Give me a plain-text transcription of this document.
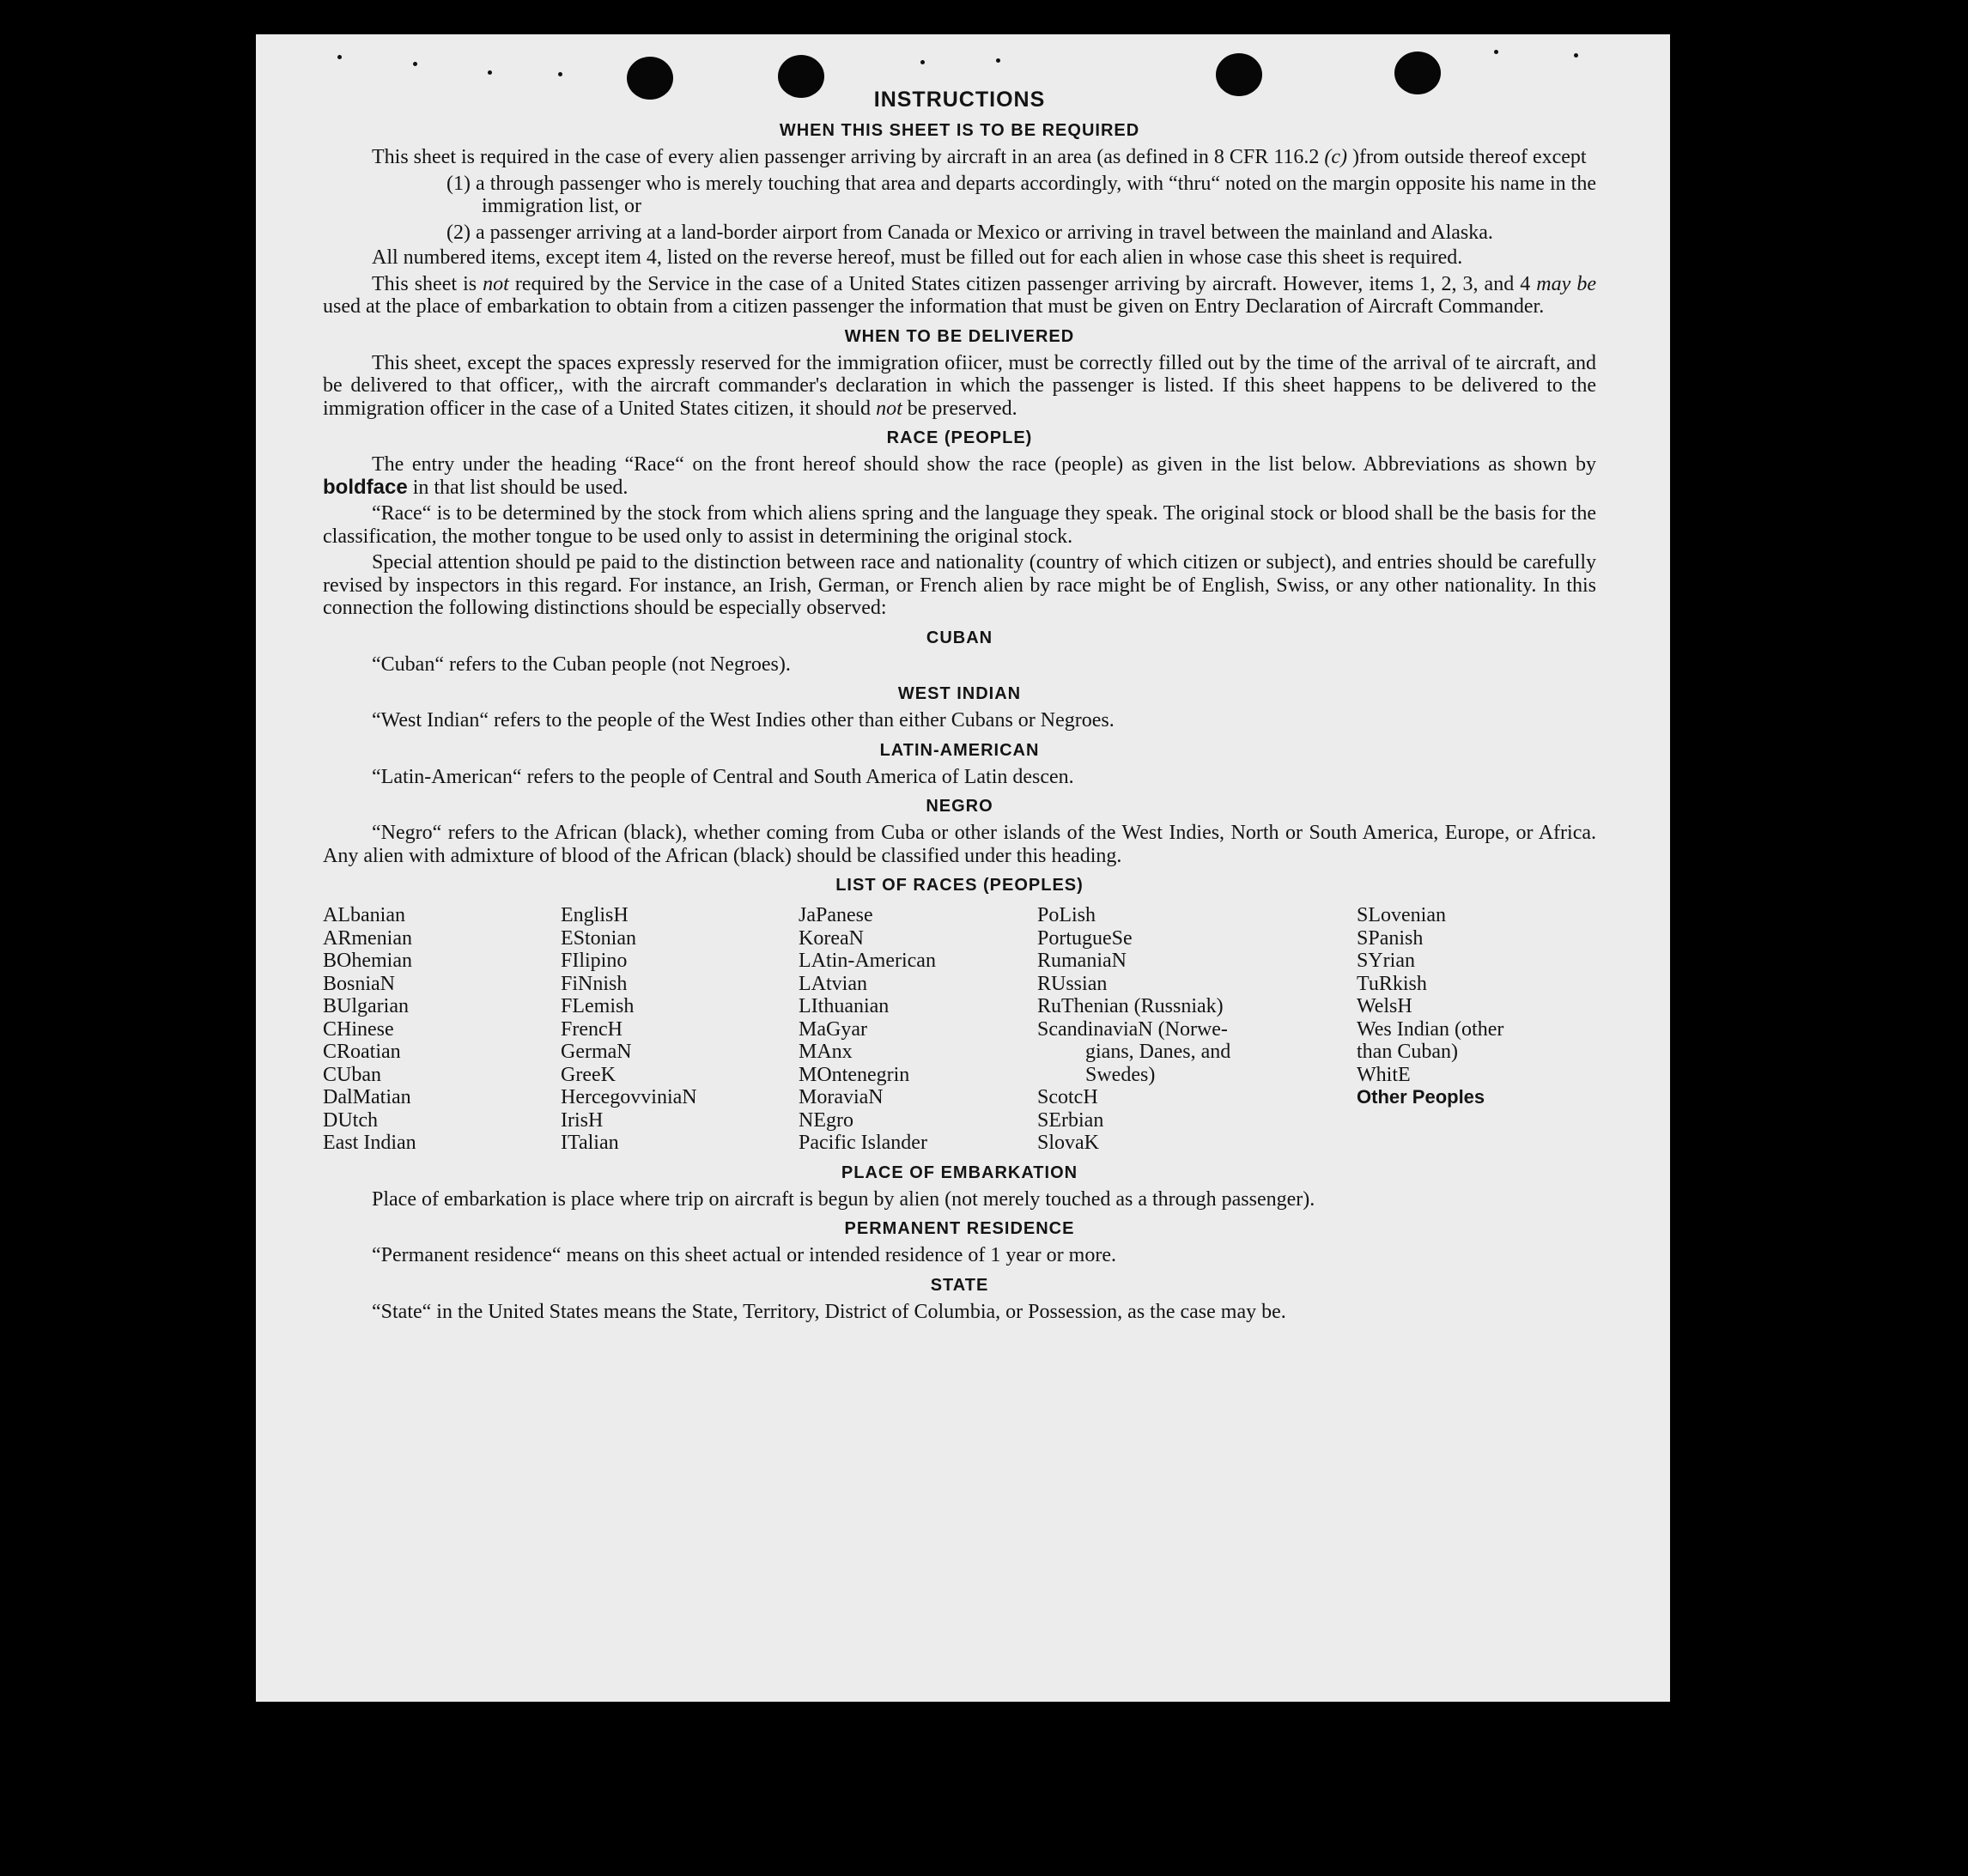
INSTRUCTIONS
WHEN THIS SHEET IS TO BE REQUIRED

This sheet is required in the case of every alien passenger arriving by aircraft in an area (as defined in 8 CFR 116.2 (c) )from outside thereof except

(1) a through passenger who is merely touching that area and departs accordingly, with “thru“ noted on the margin opposite his name in the immigration list, or

(2) a passenger arriving at a land-border airport from Canada or Mexico or arriving in travel between the mainland and Alaska.

All numbered items, except item 4, listed on the reverse hereof, must be filled out for each alien in whose case this sheet is required.

This sheet is not required by the Service in the case of a United States citizen passenger arriving by aircraft. However, items 1, 2, 3, and 4 may be used at the place of embarkation to obtain from a citizen passenger the information that must be given on Entry Declaration of Aircraft Commander.

WHEN TO BE DELIVERED

This sheet, except the spaces expressly reserved for the immigration ofiicer, must be correctly filled out by the time of the arrival of te aircraft, and be delivered to that officer,, with the aircraft commander's declaration in which the passenger is listed. If this sheet happens to be delivered to the immigration officer in the case of a United States citizen, it should not be preserved.

RACE (PEOPLE)

The entry under the heading “Race“ on the front hereof should show the race (people) as given in the list below. Abbreviations as shown by boldface in that list should be used.

“Race“ is to be determined by the stock from which aliens spring and the language they speak. The original stock or blood shall be the basis for the classification, the mother tongue to be used only to assist in determining the original stock.

Special attention should pe paid to the distinction between race and nationality (country of which citizen or subject), and entries should be carefully revised by inspectors in this regard. For instance, an Irish, German, or French alien by race might be of English, Swiss, or any other nationality. In this connection the following distinctions should be especially observed:

CUBAN

“Cuban“ refers to the Cuban people (not Negroes).

WEST INDIAN

“West Indian“ refers to the people of the West Indies other than either Cubans or Negroes.

LATIN-AMERICAN

“Latin-American“ refers to the people of Central and South America of Latin descen.

NEGRO

“Negro“ refers to the African (black), whether coming from Cuba or other islands of the West Indies, North or South America, Europe, or Africa. Any alien with admixture of blood of the African (black) should be classified under this heading.

LIST OF RACES (PEOPLES)
ALbanian
ARmenian
BOhemian
BosniaN
BUlgarian
CHinese
CRoatian
CUban
DalMatian
DUtch
East Indian
EnglisH
EStonian
FIlipino
FiNnish
FLemish
FrencH
GermaN
GreeK
HercegovviniaN
IrisH
ITalian
JaPanese
KoreaN
LAtin-American
LAtvian
LIthuanian
MaGyar
MAnx
MOntenegrin
MoraviaN
NEgro
Pacific Islander
PoLish
PortugueSe
RumaniaN
RUssian
RuThenian (Russniak)
ScandinaviaN (Norwe-
gians, Danes, and
Swedes)
ScotcH
SErbian
SlovaK
SLovenian
SPanish
SYrian
TuRkish
WelsH
Wes Indian (other
than Cuban)
WhitE
Other Peoples
PLACE OF EMBARKATION

Place of embarkation is place where trip on aircraft is begun by alien (not merely touched as a through passenger).

PERMANENT RESIDENCE

“Permanent residence“ means on this sheet actual or intended residence of 1 year or more.

STATE

“State“ in the United States means the State, Territory, District of Columbia, or Possession, as the case may be.
